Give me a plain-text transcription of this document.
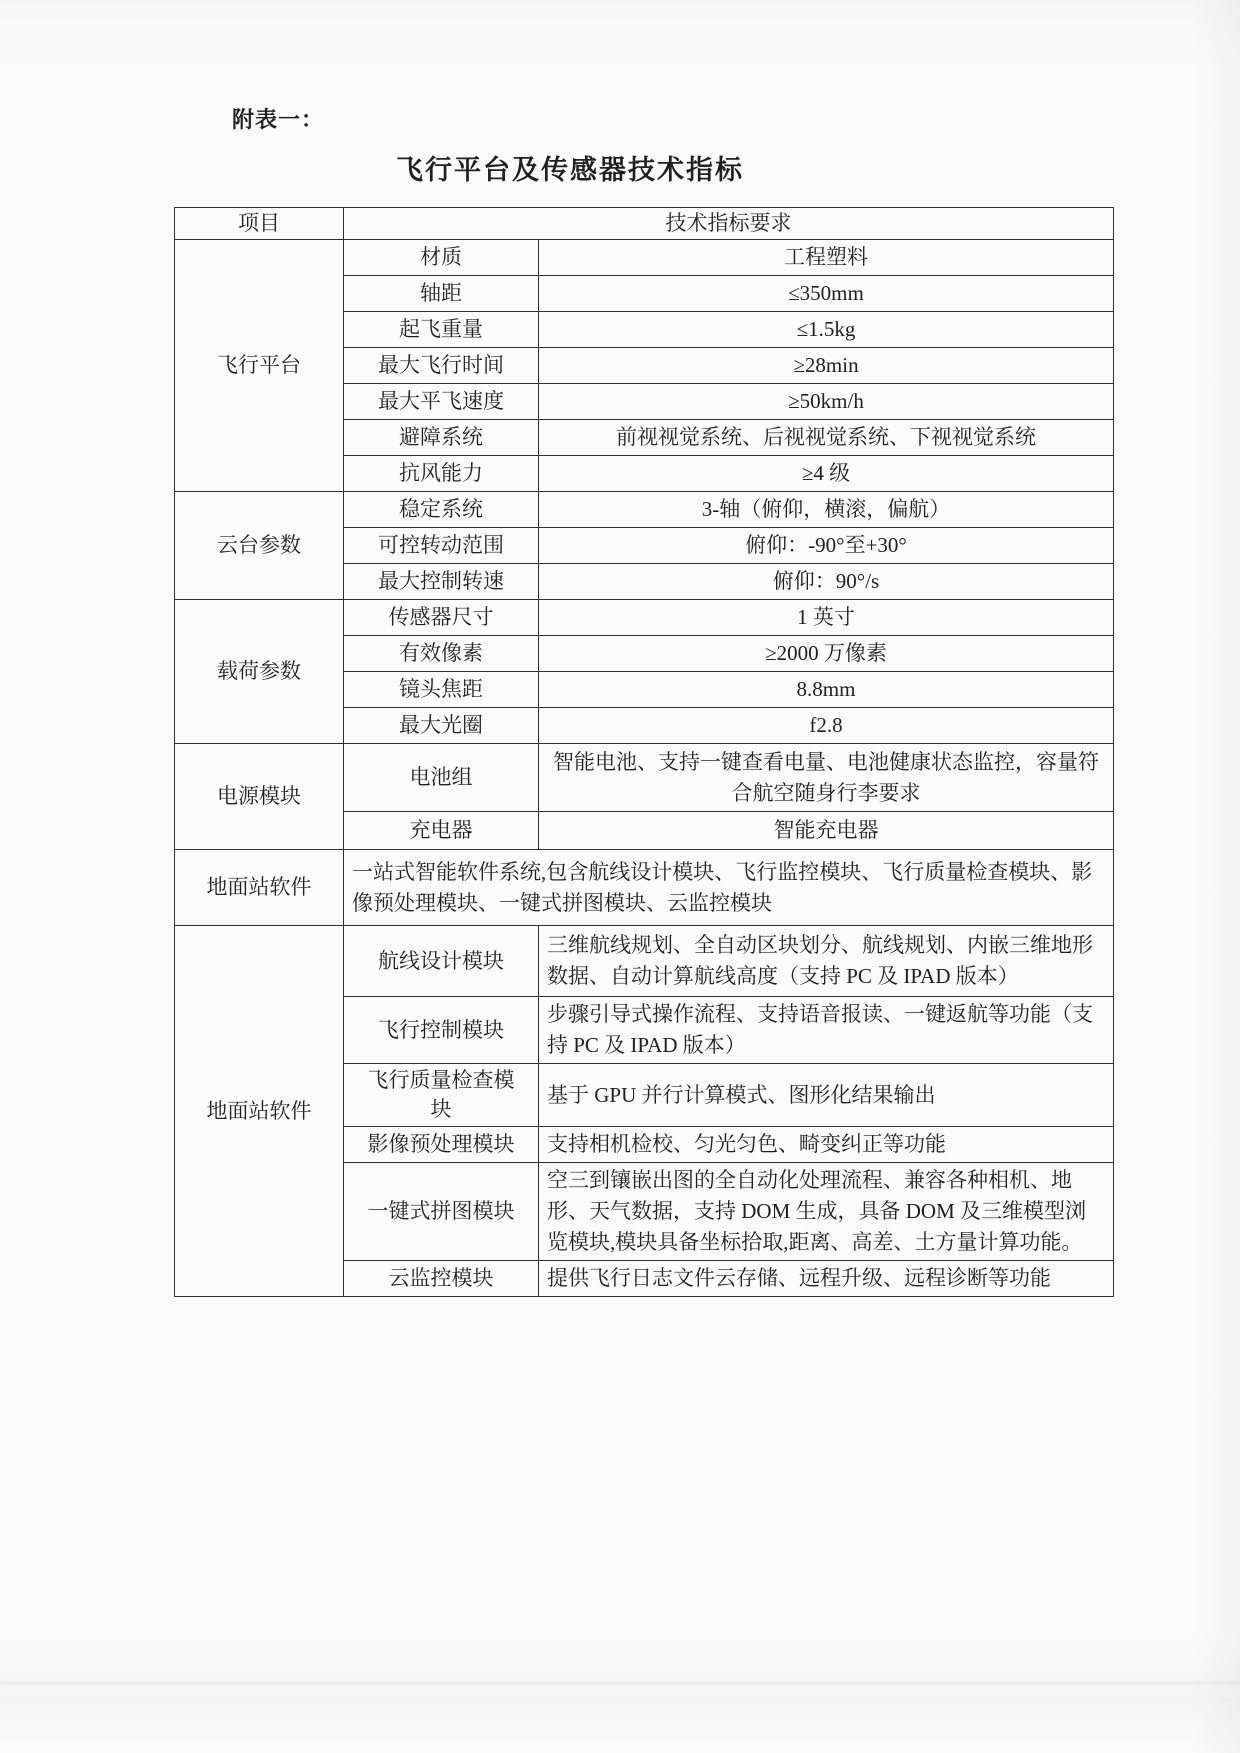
附表一：
飞行平台及传感器技术指标
项目	技术指标要求	
飞行平台	材质	工程塑料
	轴距	≤350mm
	起飞重量	≤1.5kg
	最大飞行时间	≥28min
	最大平飞速度	≥50km/h
	避障系统	前视视觉系统、后视视觉系统、下视视觉系统
	抗风能力	≥4 级
云台参数	稳定系统	3-轴（俯仰，横滚，偏航）
	可控转动范围	俯仰：-90°至+30°
	最大控制转速	俯仰：90°/s
载荷参数	传感器尺寸	1 英寸
	有效像素	≥2000 万像素
	镜头焦距	8.8mm
	最大光圈	f2.8
电源模块	电池组	智能电池、支持一键查看电量、电池健康状态监控，容量符合航空随身行李要求
	充电器	智能充电器
地面站软件	一站式智能软件系统,包含航线设计模块、飞行监控模块、飞行质量检查模块、影像预处理模块、一键式拼图模块、云监控模块	
地面站软件	航线设计模块	三维航线规划、全自动区块划分、航线规划、内嵌三维地形数据、自动计算航线高度（支持 PC 及 IPAD 版本）
	飞行控制模块	步骤引导式操作流程、支持语音报读、一键返航等功能（支持 PC 及 IPAD 版本）
	飞行质量检查模块	基于 GPU 并行计算模式、图形化结果输出
	影像预处理模块	支持相机检校、匀光匀色、畸变纠正等功能
	一键式拼图模块	空三到镶嵌出图的全自动化处理流程、兼容各种相机、地形、天气数据，支持 DOM 生成，具备 DOM 及三维模型浏览模块,模块具备坐标拾取,距离、高差、土方量计算功能。
	云监控模块	提供飞行日志文件云存储、远程升级、远程诊断等功能
